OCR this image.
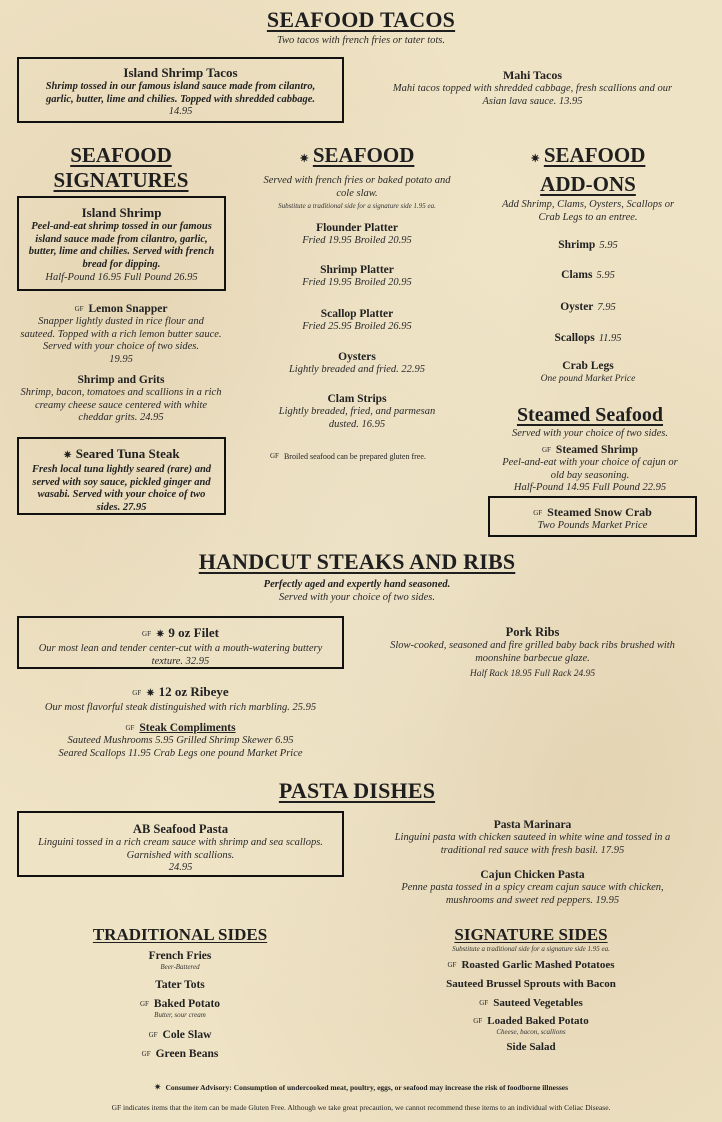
SEAFOOD TACOS
Two tacos with french fries or tater tots.
Island Shrimp Tacos
Shrimp tossed in our famous island sauce made from cilantro, garlic, butter, lime and chilies. Topped with shredded cabbage.
14.95
Mahi Tacos
Mahi tacos topped with shredded cabbage, fresh scallions and our Asian lava sauce. 13.95
SEAFOOD
SIGNATURES
Island Shrimp
Peel-and-eat shrimp tossed in our famous island sauce made from cilantro, garlic, butter, lime and chilies. Served with french bread for dipping.
Half-Pound 16.95 Full Pound 26.95
GF Lemon Snapper
Snapper lightly dusted in rice flour and sauteed. Topped with a rich lemon butter sauce. Served with your choice of two sides.
19.95
Shrimp and Grits
Shrimp, bacon, tomatoes and scallions in a rich creamy cheese sauce centered with white cheddar grits. 24.95
✷ Seared Tuna Steak
Fresh local tuna lightly seared (rare) and served with soy sauce, pickled ginger and wasabi. Served with your choice of two sides. 27.95
✷ SEAFOOD
Served with french fries or baked potato and cole slaw.
Substitute a traditional side for a signature side 1.95 ea.
Flounder Platter
Fried 19.95 Broiled 20.95
Shrimp Platter
Fried 19.95 Broiled 20.95
Scallop Platter
Fried 25.95 Broiled 26.95
Oysters
Lightly breaded and fried. 22.95
Clam Strips
Lightly breaded, fried, and parmesan dusted. 16.95
GF Broiled seafood can be prepared gluten free.
✷ SEAFOOD
ADD-ONS
Add Shrimp, Clams, Oysters, Scallops or Crab Legs to an entree.
Shrimp 5.95
Clams 5.95
Oyster 7.95
Scallops 11.95
Crab Legs
One pound Market Price
Steamed Seafood
Served with your choice of two sides.
GF Steamed Shrimp
Peel-and-eat with your choice of cajun or old bay seasoning.
Half-Pound 14.95 Full Pound 22.95
GF Steamed Snow Crab
Two Pounds Market Price
HANDCUT STEAKS AND RIBS
Perfectly aged and expertly hand seasoned.
Served with your choice of two sides.
GF ✷ 9 oz Filet
Our most lean and tender center-cut with a mouth-watering buttery texture. 32.95
Pork Ribs
Slow-cooked, seasoned and fire grilled baby back ribs brushed with moonshine barbecue glaze.
Half Rack 18.95 Full Rack 24.95
GF ✷ 12 oz Ribeye
Our most flavorful steak distinguished with rich marbling. 25.95
GF Steak Compliments
Sauteed Mushrooms 5.95 Grilled Shrimp Skewer 6.95
Seared Scallops 11.95 Crab Legs one pound Market Price
PASTA DISHES
AB Seafood Pasta
Linguini tossed in a rich cream sauce with shrimp and sea scallops. Garnished with scallions.
24.95
Pasta Marinara
Linguini pasta with chicken sauteed in white wine and tossed in a traditional red sauce with fresh basil. 17.95
Cajun Chicken Pasta
Penne pasta tossed in a spicy cream cajun sauce with chicken, mushrooms and sweet red peppers. 19.95
TRADITIONAL SIDES
French Fries
Beer-Battered
Tater Tots
GF Baked Potato
Butter, sour cream
GF Cole Slaw
GF Green Beans
SIGNATURE SIDES
Substitute a traditional side for a signature side 1.95 ea.
GF Roasted Garlic Mashed Potatoes
Sauteed Brussel Sprouts with Bacon
GF Sauteed Vegetables
GF Loaded Baked Potato
Cheese, bacon, scallions
Side Salad
✷ Consumer Advisory: Consumption of undercooked meat, poultry, eggs, or seafood may increase the risk of foodborne illnesses
GF indicates items that the item can be made Gluten Free. Although we take great precaution, we cannot recommend these items to an individual with Celiac Disease.
